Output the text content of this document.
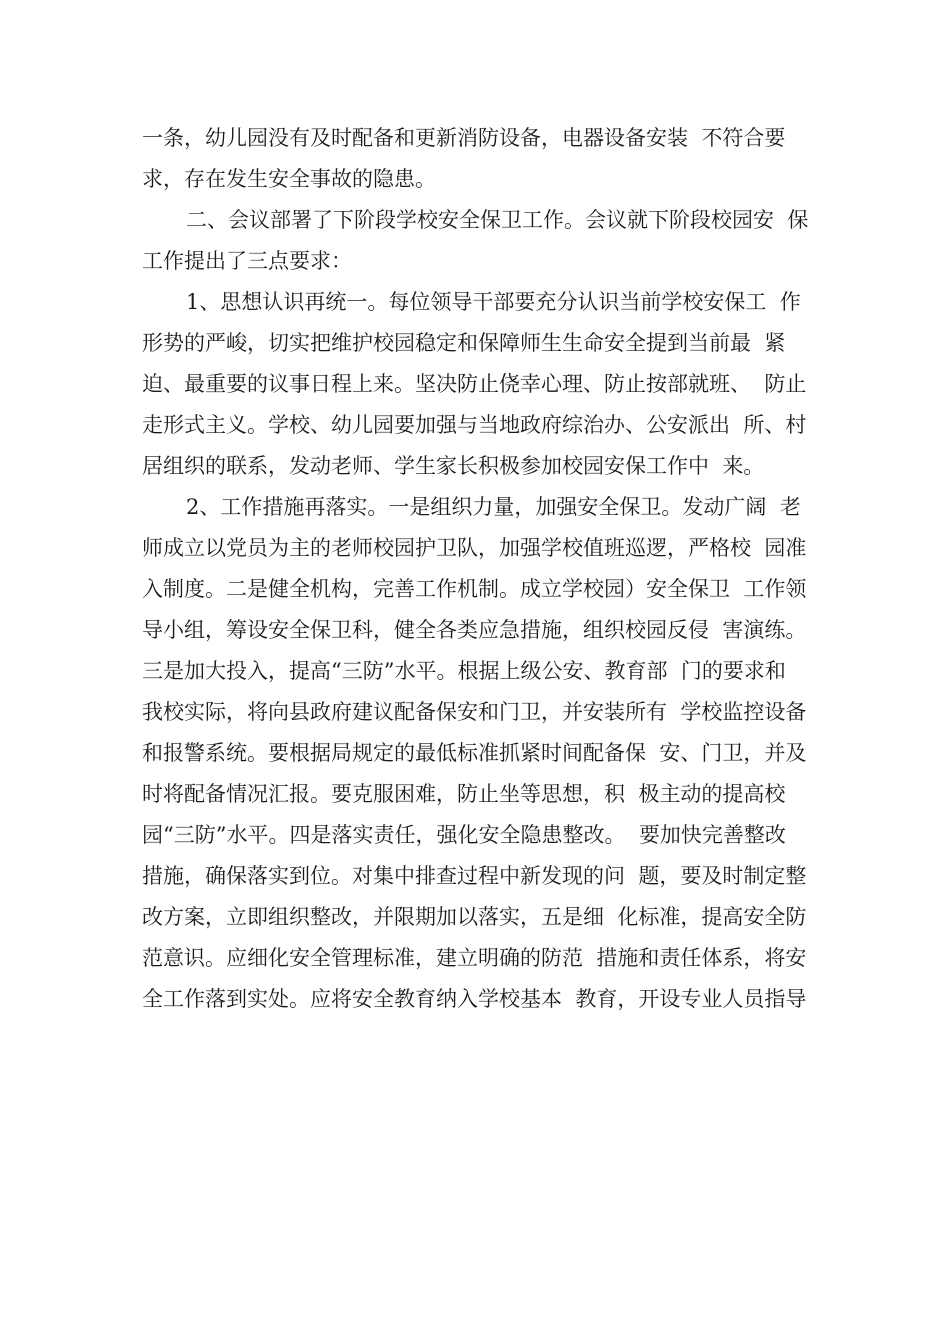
一条，幼儿园没有及时配备和更新消防设备，电器设备安装  不符合要
求，存在发生安全事故的隐患。
二、会议部署了下阶段学校安全保卫工作。会议就下阶段校园安  保
工作提出了三点要求：
1、思想认识再统一。每位领导干部要充分认识当前学校安保工  作
形势的严峻，切实把维护校园稳定和保障师生生命安全提到当前最  紧
迫、最重要的议事日程上来。坚决防止侥幸心理、防止按部就班、  防止
走形式主义。学校、幼儿园要加强与当地政府综治办、公安派出  所、村
居组织的联系，发动老师、学生家长积极参加校园安保工作中  来。
2、工作措施再落实。一是组织力量，加强安全保卫。发动广阔  老
师成立以党员为主的老师校园护卫队，加强学校值班巡逻，严格校  园准
入制度。二是健全机构，完善工作机制。成立学校园）安全保卫  工作领
导小组，筹设安全保卫科，健全各类应急措施，组织校园反侵  害演练。
三是加大投入，提高“三防”水平。根据上级公安、教育部  门的要求和
我校实际，将向县政府建议配备保安和门卫，并安装所有  学校监控设备
和报警系统。要根据局规定的最低标准抓紧时间配备保  安、门卫，并及
时将配备情况汇报。要克服困难，防止坐等思想，积  极主动的提高校
园“三防”水平。四是落实责任，强化安全隐患整改。  要加快完善整改
措施，确保落实到位。对集中排查过程中新发现的问  题，要及时制定整
改方案，立即组织整改，并限期加以落实，五是细  化标准，提高安全防
范意识。应细化安全管理标准，建立明确的防范  措施和责任体系，将安
全工作落到实处。应将安全教育纳入学校基本  教育，开设专业人员指导
